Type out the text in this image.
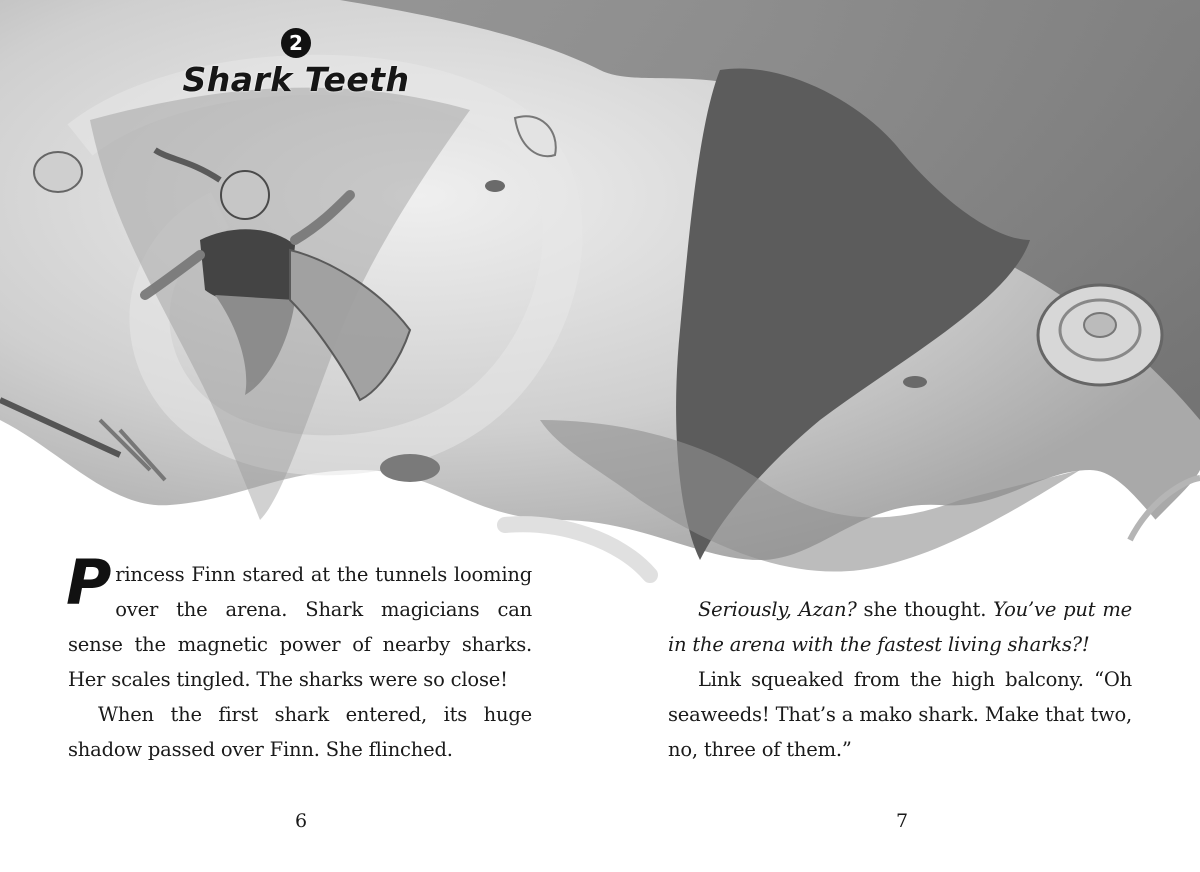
2
Shark Teeth

Princess Finn stared at the tunnels looming over the arena. Shark magicians can sense the magnetic power of nearby sharks. Her scales tingled. The sharks were so close!

When the first shark entered, its huge shadow passed over Finn. She flinched.

Seriously, Azan? she thought. You’ve put me in the arena with the fastest living sharks?!

Link squeaked from the high balcony. “Oh seaweeds! That’s a mako shark. Make that two, no, three of them.”

6	7
